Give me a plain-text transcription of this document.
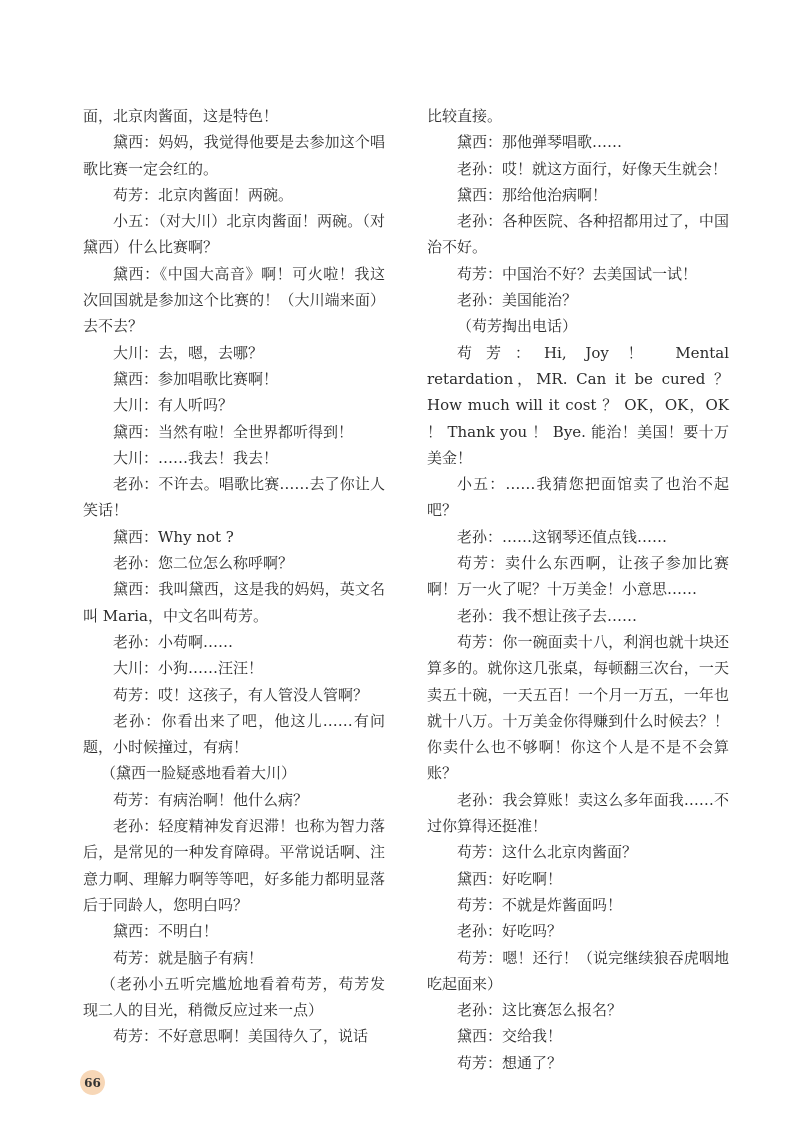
面，北京肉酱面，这是特色！

黛西：妈妈，我觉得他要是去参加这个唱歌比赛一定会红的。

苟芳：北京肉酱面！两碗。

小五：（对大川）北京肉酱面！两碗。（对黛西）什么比赛啊？

黛西：《中国大高音》啊！可火啦！我这次回国就是参加这个比赛的！（大川端来面）去不去？

大川：去，嗯，去哪？

黛西：参加唱歌比赛啊！

大川：有人听吗？

黛西：当然有啦！全世界都听得到！

大川：……我去！我去！

老孙：不许去。唱歌比赛……去了你让人笑话！

黛西：Why not ?

老孙：您二位怎么称呼啊？

黛西：我叫黛西，这是我的妈妈，英文名叫 Maria，中文名叫苟芳。

老孙：小苟啊……

大川：小狗……汪汪！

苟芳：哎！这孩子，有人管没人管啊？

老孙：你看出来了吧，他这儿……有问题，小时候撞过，有病！

（黛西一脸疑惑地看着大川）

苟芳：有病治啊！他什么病？

老孙：轻度精神发育迟滞！也称为智力落后，是常见的一种发育障碍。平常说话啊、注意力啊、理解力啊等等吧，好多能力都明显落后于同龄人，您明白吗？

黛西：不明白！

苟芳：就是脑子有病！

（老孙小五听完尴尬地看着苟芳，苟芳发现二人的目光，稍微反应过来一点）

苟芳：不好意思啊！美国待久了，说话

比较直接。

黛西：那他弹琴唱歌……

老孙：哎！就这方面行，好像天生就会！

黛西：那给他治病啊！

老孙：各种医院、各种招都用过了，中国治不好。

苟芳：中国治不好？去美国试一试！

老孙：美国能治？

（苟芳掏出电话）

苟芳：Hi, Joy ！ Mental retardation，MR. Can it be cured ？ How much will it cost ？ OK，OK，OK ！ Thank you ！ Bye. 能治！美国！要十万美金！

小五：……我猜您把面馆卖了也治不起吧？

老孙：……这钢琴还值点钱……

苟芳：卖什么东西啊，让孩子参加比赛啊！万一火了呢？十万美金！小意思……

老孙：我不想让孩子去……

苟芳：你一碗面卖十八，利润也就十块还算多的。就你这几张桌，每顿翻三次台，一天卖五十碗，一天五百！一个月一万五，一年也就十八万。十万美金你得赚到什么时候去？！你卖什么也不够啊！你这个人是不是不会算账？

老孙：我会算账！卖这么多年面我……不过你算得还挺准！

苟芳：这什么北京肉酱面？

黛西：好吃啊！

苟芳：不就是炸酱面吗！

老孙：好吃吗？

苟芳：嗯！还行！（说完继续狼吞虎咽地吃起面来）

老孙：这比赛怎么报名？

黛西：交给我！

苟芳：想通了？

66
